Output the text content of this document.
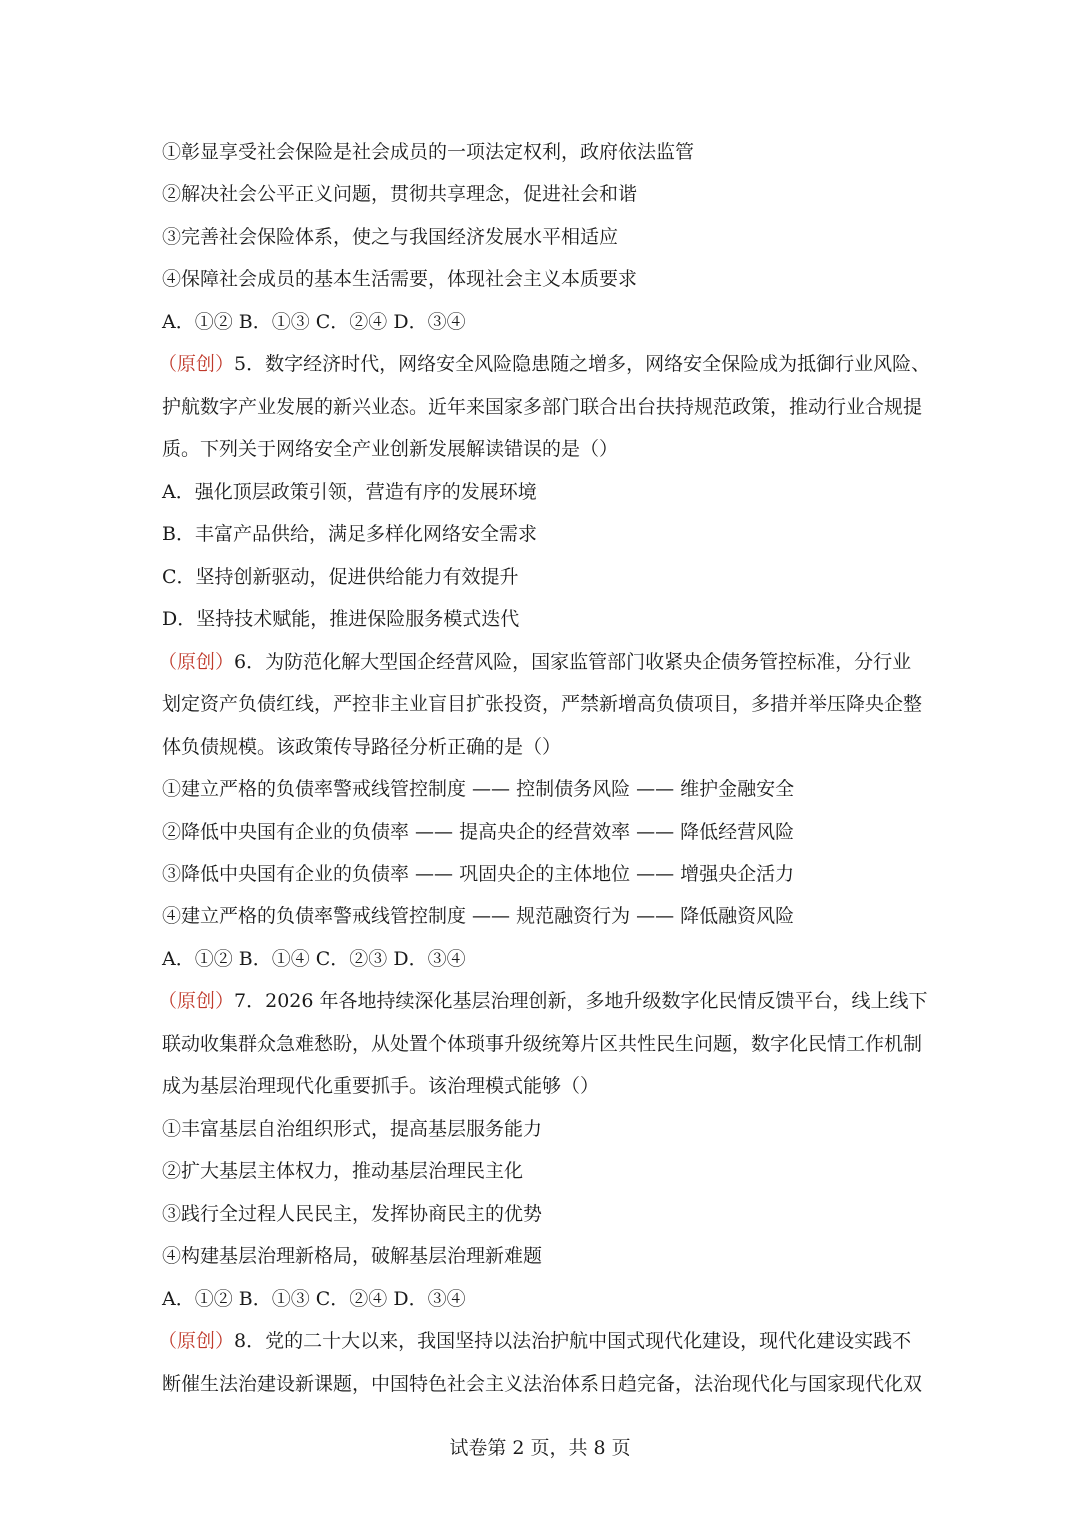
①彰显享受社会保险是社会成员的一项法定权利，政府依法监管
②解决社会公平正义问题，贯彻共享理念，促进社会和谐
③完善社会保险体系，使之与我国经济发展水平相适应
④保障社会成员的基本生活需要，体现社会主义本质要求
A．①② B．①③ C．②④ D．③④
（原创）5．数字经济时代，网络安全风险隐患随之增多，网络安全保险成为抵御行业风险、
护航数字产业发展的新兴业态。近年来国家多部门联合出台扶持规范政策，推动行业合规提
质。下列关于网络安全产业创新发展解读错误的是（）
A．强化顶层政策引领，营造有序的发展环境
B．丰富产品供给，满足多样化网络安全需求
C．坚持创新驱动，促进供给能力有效提升
D．坚持技术赋能，推进保险服务模式迭代
（原创）6．为防范化解大型国企经营风险，国家监管部门收紧央企债务管控标准，分行业
划定资产负债红线，严控非主业盲目扩张投资，严禁新增高负债项目，多措并举压降央企整
体负债规模。该政策传导路径分析正确的是（）
①建立严格的负债率警戒线管控制度 —— 控制债务风险 —— 维护金融安全
②降低中央国有企业的负债率 —— 提高央企的经营效率 —— 降低经营风险
③降低中央国有企业的负债率 —— 巩固央企的主体地位 —— 增强央企活力
④建立严格的负债率警戒线管控制度 —— 规范融资行为 —— 降低融资风险
A．①② B．①④ C．②③ D．③④
（原创）7．2026 年各地持续深化基层治理创新，多地升级数字化民情反馈平台，线上线下
联动收集群众急难愁盼，从处置个体琐事升级统筹片区共性民生问题，数字化民情工作机制
成为基层治理现代化重要抓手。该治理模式能够（）
①丰富基层自治组织形式，提高基层服务能力
②扩大基层主体权力，推动基层治理民主化
③践行全过程人民民主，发挥协商民主的优势
④构建基层治理新格局，破解基层治理新难题
A．①② B．①③ C．②④ D．③④
（原创）8．党的二十大以来，我国坚持以法治护航中国式现代化建设，现代化建设实践不
断催生法治建设新课题，中国特色社会主义法治体系日趋完备，法治现代化与国家现代化双
试卷第 2 页，共 8 页
